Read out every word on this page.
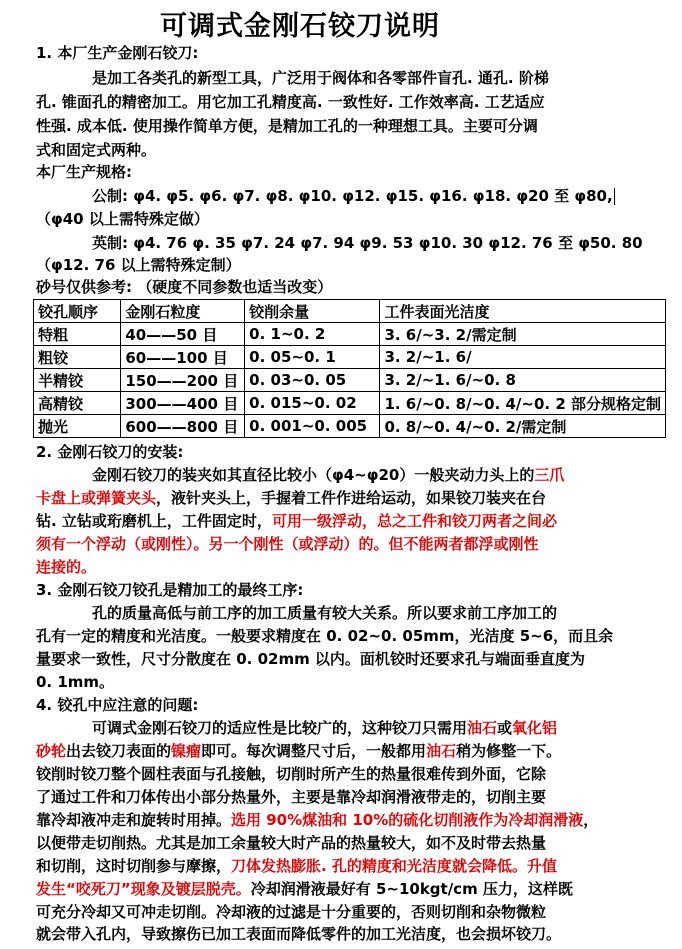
可调式金刚石铰刀说明
1. 本厂生产金刚石铰刀:
是加工各类孔的新型工具，广泛用于阀体和各零部件盲孔. 通孔. 阶梯
孔. 锥面孔的精密加工。用它加工孔精度高. 一致性好. 工作效率高. 工艺适应
性强. 成本低. 使用操作简单方便，是精加工孔的一种理想工具。主要可分调
式和固定式两种。
本厂生产规格:
公制: φ4. φ5. φ6. φ7. φ8. φ10. φ12. φ15. φ16. φ18. φ20 至 φ80,
（φ40 以上需特殊定做）
英制: φ4. 76 φ. 35 φ7. 24 φ7. 94 φ9. 53 φ10. 30 φ12. 76 至 φ50. 80
（φ12. 76 以上需特殊定制）
砂号仅供参考: （硬度不同参数也适当改变）
铰孔顺序	金刚石粒度	铰削余量	工件表面光洁度
特粗	40——50 目	0. 1~0. 2	3. 6/~3. 2/需定制
粗铰	60——100 目	0. 05~0. 1	3. 2/~1. 6/
半精铰	150——200 目	0. 03~0. 05	3. 2/~1. 6/~0. 8
高精铰	300——400 目	0. 015~0. 02	1. 6/~0. 8/~0. 4/~0. 2 部分规格定制
抛光	600——800 目	0. 001~0. 005	0. 8/~0. 4/~0. 2/需定制
2. 金刚石铰刀的安装:
金刚石铰刀的装夹如其直径比较小（φ4~φ20）一般夹动力头上的三爪
卡盘上或弹簧夹头，液针夹头上，手握着工件作进给运动，如果铰刀装夹在台
钻. 立钻或珩磨机上，工件固定时，可用一级浮动，总之工件和铰刀两者之间必
须有一个浮动（或刚性）。另一个刚性（或浮动）的。但不能两者都浮或刚性
连接的。
3. 金刚石铰刀铰孔是精加工的最终工序:
孔的质量高低与前工序的加工质量有较大关系。所以要求前工序加工的
孔有一定的精度和光洁度。一般要求精度在 0. 02~0. 05mm，光洁度 5~6，而且余
量要求一致性，尺寸分散度在 0. 02mm 以内。面机铰时还要求孔与端面垂直度为
0. 1mm。
4. 铰孔中应注意的问题:
可调式金刚石铰刀的适应性是比较广的，这种铰刀只需用油石或氧化铝
砂轮出去铰刀表面的镍瘤即可。每次调整尺寸后，一般都用油石稍为修整一下。
铰削时铰刀整个圆柱表面与孔接触，切削时所产生的热量很难传到外面，它除
了通过工件和刀体传出小部分热量外，主要是靠冷却润滑液带走的，切削主要
靠冷却液冲走和旋转时用掉。选用 90%煤油和 10%的硫化切削液作为冷却润滑液，
以便带走切削热。尤其是加工余量较大时产品的热量较大，如不及时带去热量
和切削，这时切削参与摩擦，刀体发热膨胀. 孔的精度和光洁度就会降低。升值
发生“咬死刀”现象及镀层脱壳。冷却润滑液最好有 5~10kgt/cm 压力，这样既
可充分冷却又可冲走切削。冷却液的过滤是十分重要的，否则切削和杂物微粒
就会带入孔内，导致擦伤已加工表面而降低零件的加工光洁度，也会损坏铰刀。
